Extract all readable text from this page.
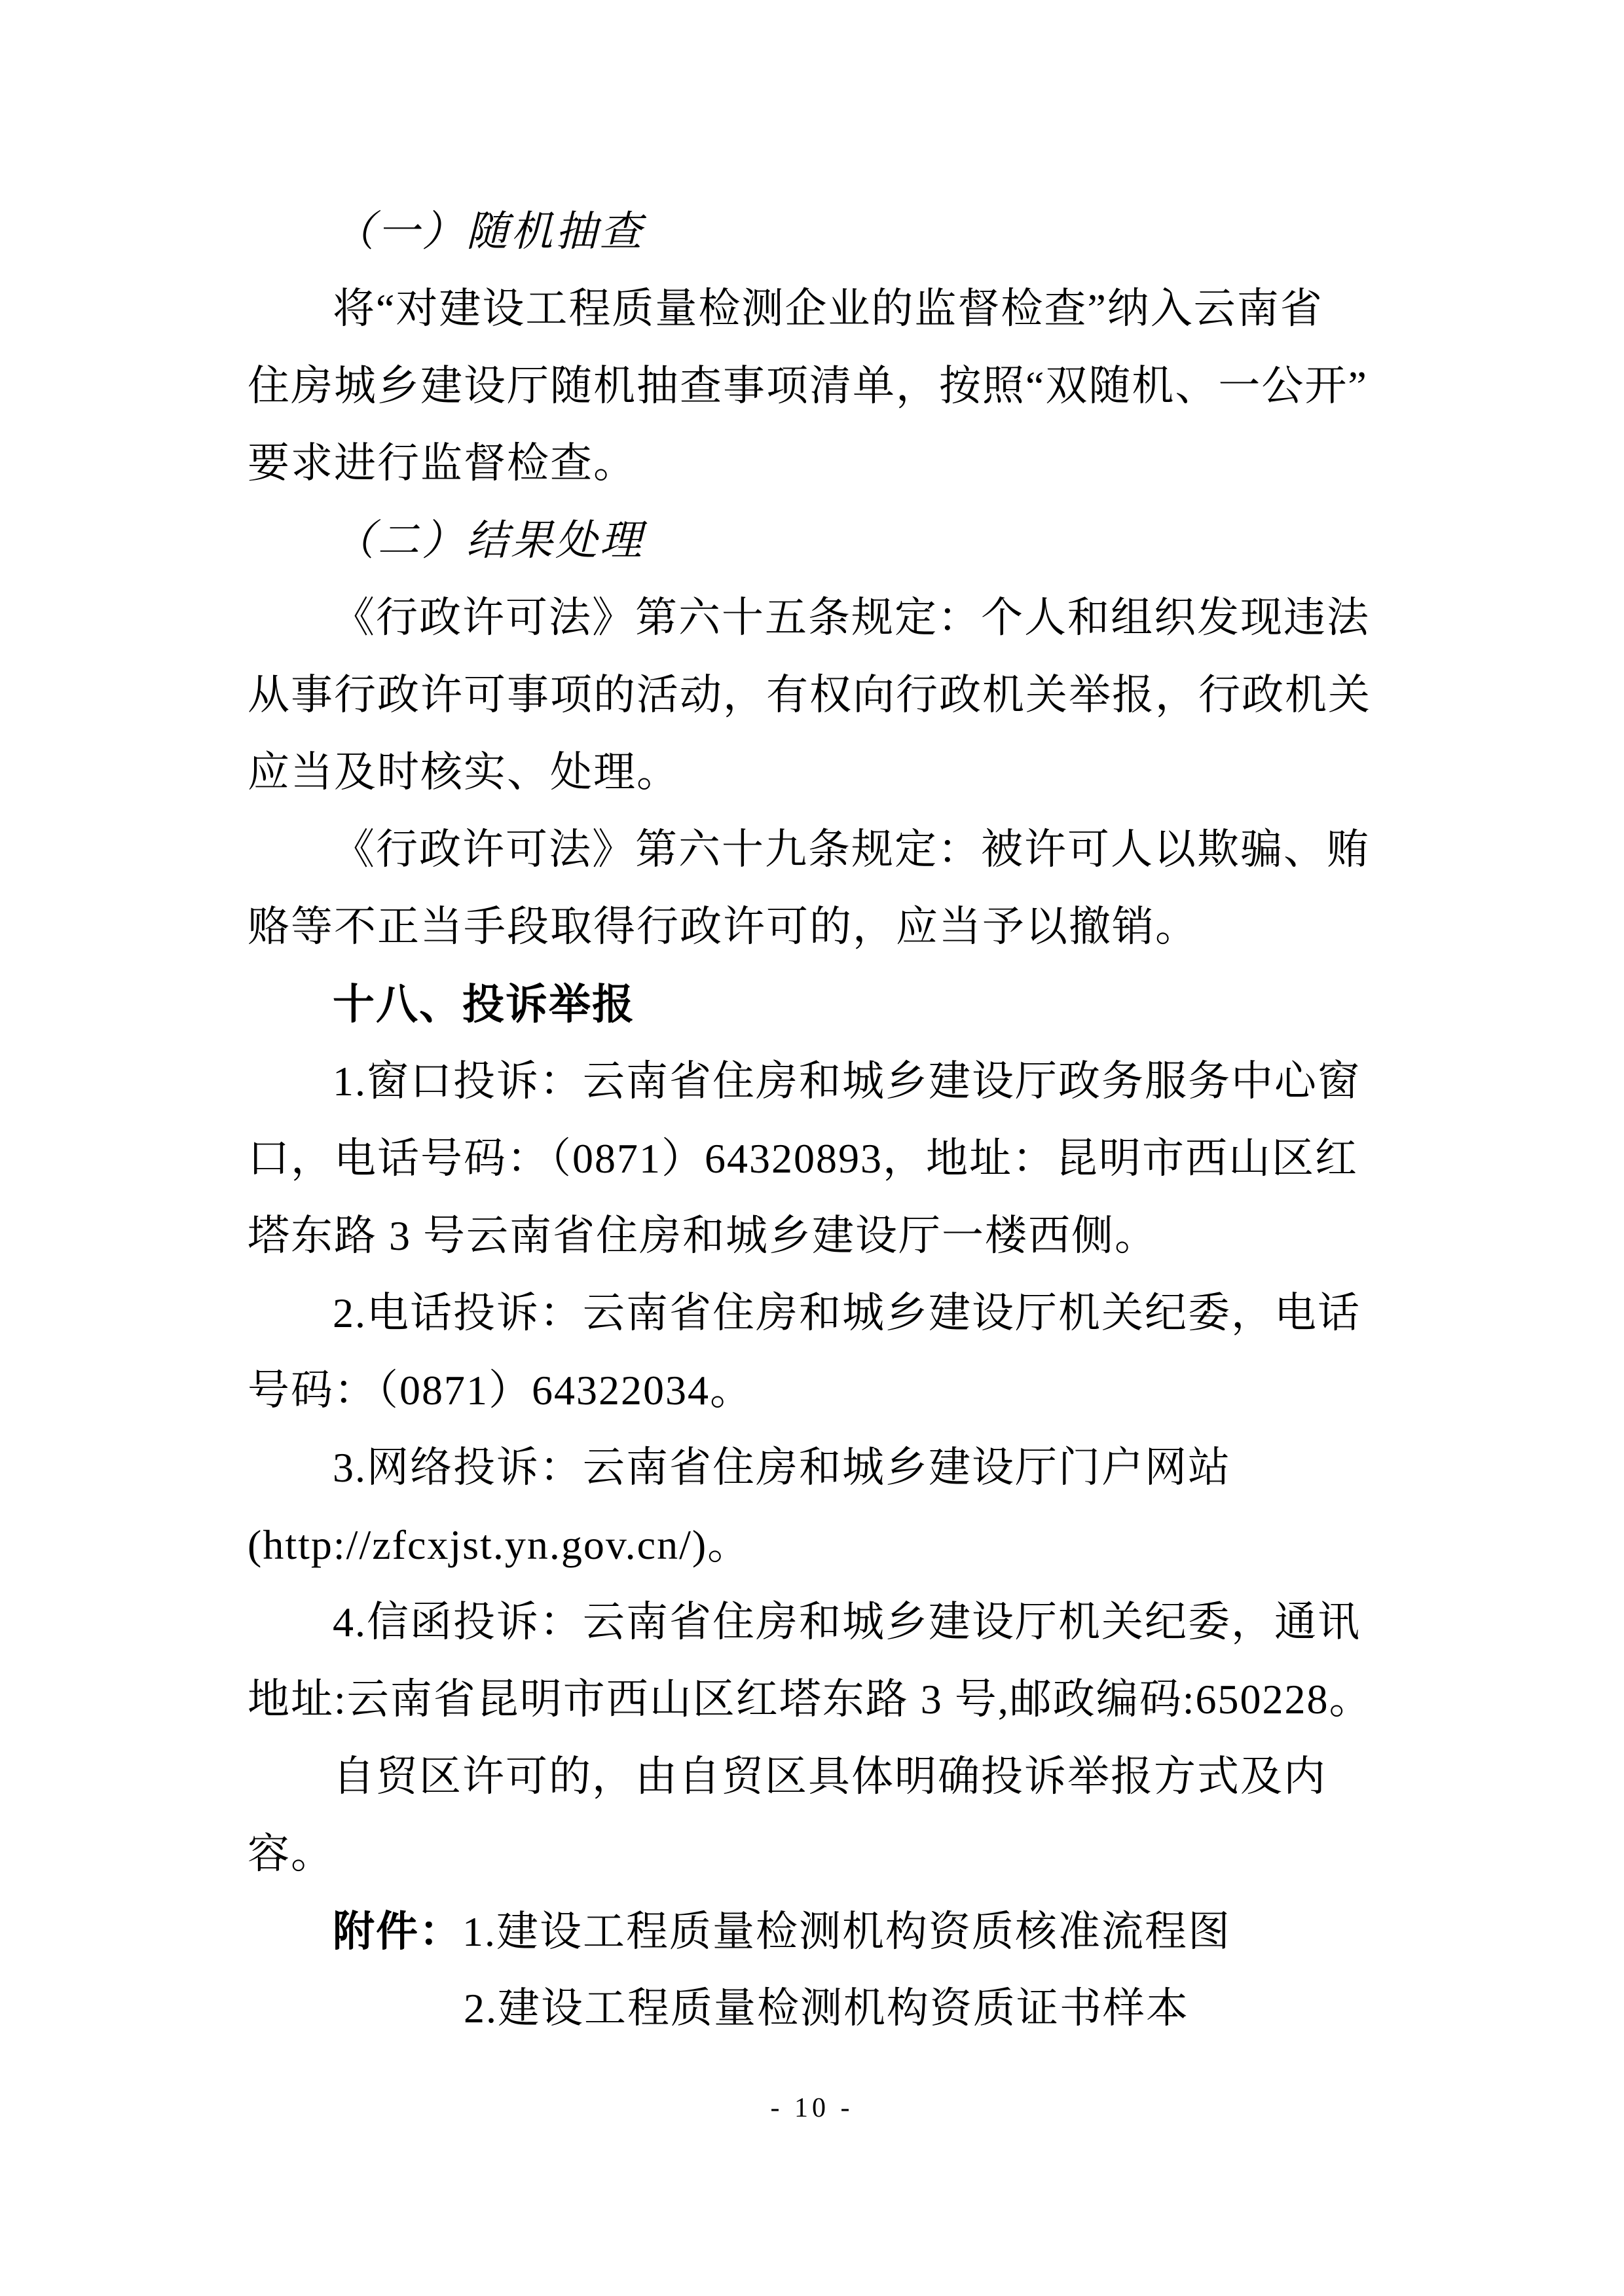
（一）随机抽查
将“对建设工程质量检测企业的监督检查”纳入云南省
住房城乡建设厅随机抽查事项清单，按照“双随机、一公开”
要求进行监督检查。
（二）结果处理
《行政许可法》第六十五条规定：个人和组织发现违法
从事行政许可事项的活动，有权向行政机关举报，行政机关
应当及时核实、处理。
《行政许可法》第六十九条规定：被许可人以欺骗、贿
赂等不正当手段取得行政许可的，应当予以撤销。
十八、投诉举报
1.窗口投诉：云南省住房和城乡建设厅政务服务中心窗
口，电话号码：（0871）64320893，地址：昆明市西山区红
塔东路 3 号云南省住房和城乡建设厅一楼西侧。
2.电话投诉：云南省住房和城乡建设厅机关纪委，电话
号码：（0871）64322034。
3.网络投诉：云南省住房和城乡建设厅门户网站
(http://zfcxjst.yn.gov.cn/)。
4.信函投诉：云南省住房和城乡建设厅机关纪委，通讯
地址:云南省昆明市西山区红塔东路 3 号,邮政编码:650228。
自贸区许可的，由自贸区具体明确投诉举报方式及内
容。
附件： 1.建设工程质量检测机构资质核准流程图
2.建设工程质量检测机构资质证书样本
- 10 -
